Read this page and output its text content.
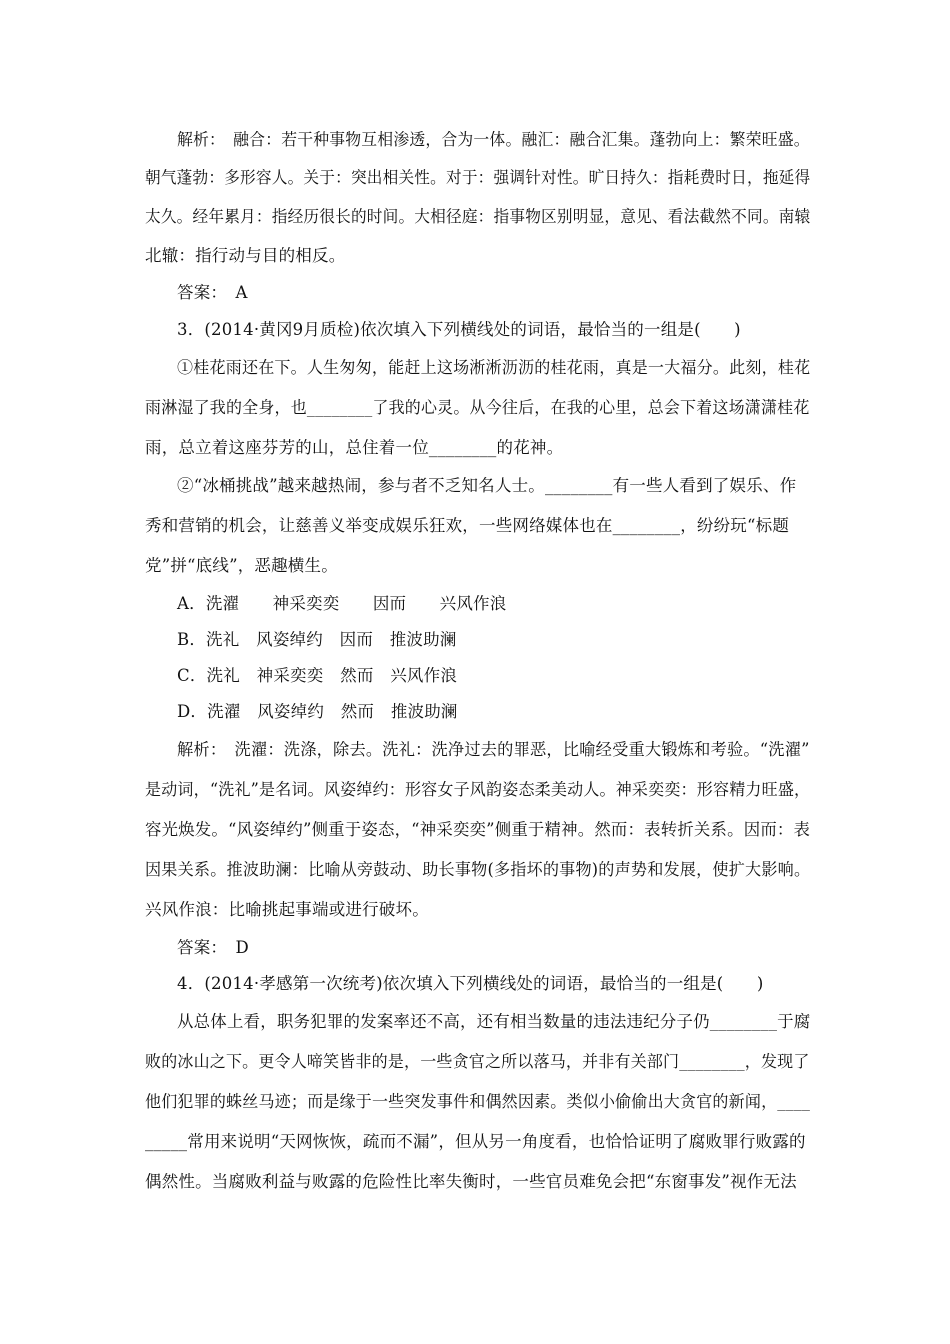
解析：　融合：若干种事物互相渗透，合为一体。融汇：融合汇集。蓬勃向上：繁荣旺盛。
朝气蓬勃：多形容人。关于：突出相关性。对于：强调针对性。旷日持久：指耗费时日，拖延得
太久。经年累月：指经历很长的时间。大相径庭：指事物区别明显，意见、看法截然不同。南辕
北辙：指行动与目的相反。
答案：　A
3．(2014·黄冈9月质检)依次填入下列横线处的词语，最恰当的一组是(　　)
①桂花雨还在下。人生匆匆，能赶上这场淅淅沥沥的桂花雨，真是一大福分。此刻，桂花
雨淋湿了我的全身，也________了我的心灵。从今往后，在我的心里，总会下着这场潇潇桂花
雨，总立着这座芬芳的山，总住着一位________的花神。
②“冰桶挑战”越来越热闹，参与者不乏知名人士。________有一些人看到了娱乐、作
秀和营销的机会，让慈善义举变成娱乐狂欢，一些网络媒体也在________，纷纷玩“标题
党”拼“底线”，恶趣横生。
A．洗濯　　神采奕奕　　因而　　兴风作浪
B．洗礼　风姿绰约　因而　推波助澜
C．洗礼　神采奕奕　然而　兴风作浪
D．洗濯　风姿绰约　然而　推波助澜
解析：　洗濯：洗涤，除去。洗礼：洗净过去的罪恶，比喻经受重大锻炼和考验。“洗濯”
是动词，“洗礼”是名词。风姿绰约：形容女子风韵姿态柔美动人。神采奕奕：形容精力旺盛，
容光焕发。“风姿绰约”侧重于姿态，“神采奕奕”侧重于精神。然而：表转折关系。因而：表
因果关系。推波助澜：比喻从旁鼓动、助长事物(多指坏的事物)的声势和发展，使扩大影响。
兴风作浪：比喻挑起事端或进行破坏。
答案：　D
4．(2014·孝感第一次统考)依次填入下列横线处的词语，最恰当的一组是(　　)
从总体上看，职务犯罪的发案率还不高，还有相当数量的违法违纪分子仍________于腐
败的冰山之下。更令人啼笑皆非的是，一些贪官之所以落马，并非有关部门________，发现了
他们犯罪的蛛丝马迹；而是缘于一些突发事件和偶然因素。类似小偷偷出大贪官的新闻，____
_____常用来说明“天网恢恢，疏而不漏”，但从另一角度看，也恰恰证明了腐败罪行败露的
偶然性。当腐败利益与败露的危险性比率失衡时，一些官员难免会把“东窗事发”视作无法
